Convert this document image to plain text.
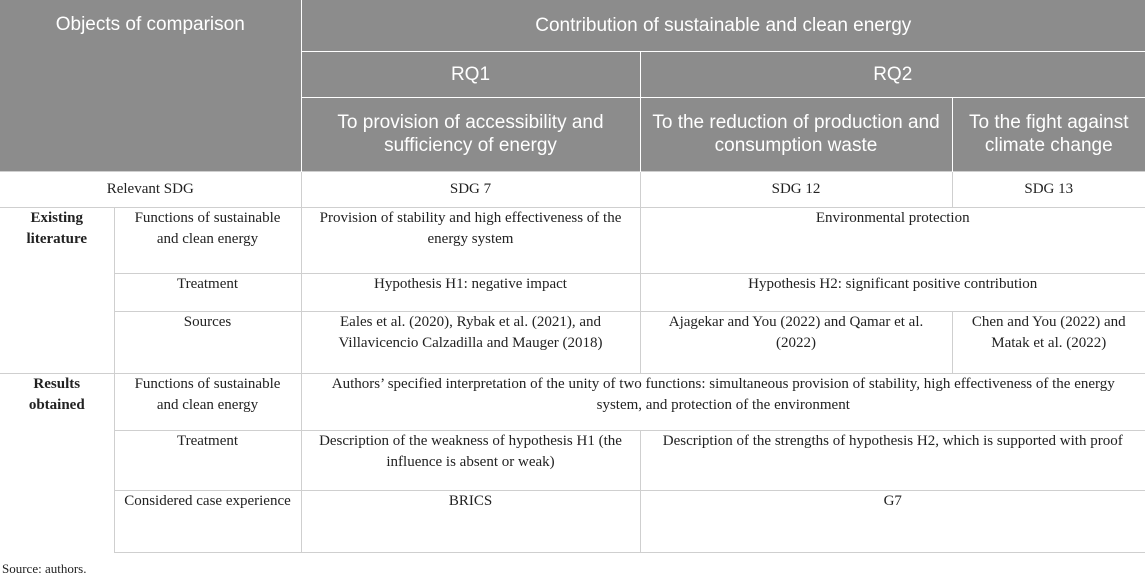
Objects of comparison		Contribution of sustainable and clean energy		
		RQ1	RQ2	
		To provision of accessibility and sufficiency of energy	To the reduction of production and consumption waste	To the fight against climate change
Relevant SDG		SDG 7	SDG 12	SDG 13
Existing literature	Functions of sustainable and clean energy	Provision of stability and high effectiveness of the energy system	Environmental protection	
	Treatment	Hypothesis H1: negative impact	Hypothesis H2: significant positive contribution	
	Sources	Eales et al. (2020), Rybak et al. (2021), and Villavicencio Calzadilla and Mauger (2018)	Ajagekar and You (2022) and Qamar et al. (2022)	Chen and You (2022) and Matak et al. (2022)
Results obtained	Functions of sustainable and clean energy	Authors’ specified interpretation of the unity of two functions: simultaneous provision of stability, high effectiveness of the energy system, and protection of the environment		
	Treatment	Description of the weakness of hypothesis H1 (the influence is absent or weak)	Description of the strengths of hypothesis H2, which is supported with proof	
	Considered case experience	BRICS	G7	
Source: authors.
